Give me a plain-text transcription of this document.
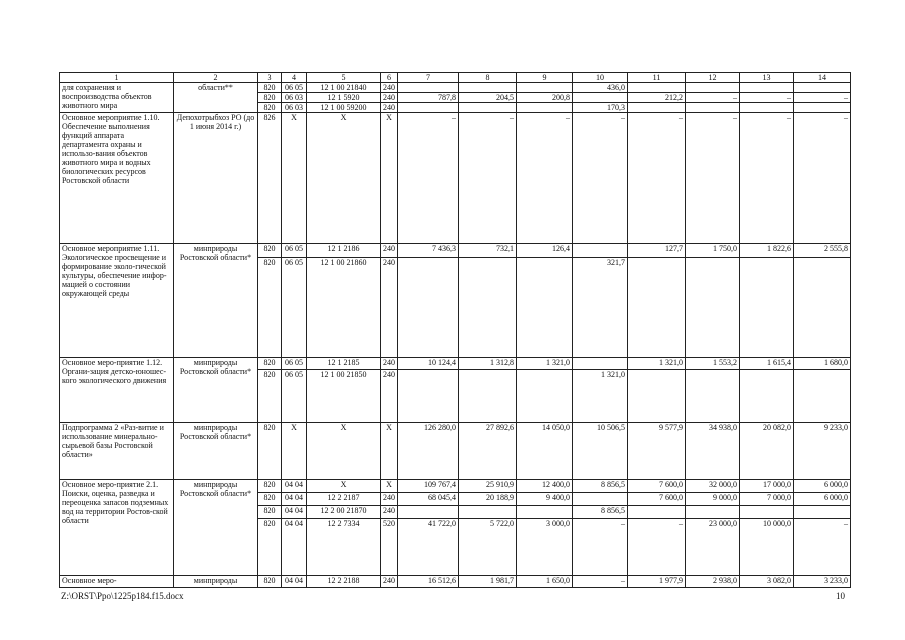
1	2	3	4	5	6	7	8	9	10	11	12	13	14
для сохранения и воспроизводства объектов животного мира	области**	820	06 05	12 1 00 21840	240				436,0				
		820	06 03	12 1 5920	240	787,8	204,5	200,8		212,2	–	–	–
		820	06 03	12 1 00 59200	240				170,3				
Основное мероприятие 1.10. Обеспечение выполнения функций аппарата департамента охраны и использо-вания объектов животного мира и водных биологических ресурсов Ростовской области	Депохотрыбхоз РО (до 1 июня 2014 г.)	826	Х	Х	Х	–	–	–	–	–	–	–	–
Основное мероприятие 1.11. Экологическое просвещение и формирование эколо-гической культуры, обеспечение инфор-мацией о состоянии окружающей среды	минприроды Ростовской области*	820	06 05	12 1 2186	240	7 436,3	732,1	126,4		127,7	1 750,0	1 822,6	2 555,8
		820	06 05	12 1 00 21860	240				321,7				
Основное меро-приятие 1.12. Органи-зация детско-юношес-кого экологического движения	минприроды Ростовской области*	820	06 05	12 1 2185	240	10 124,4	1 312,8	1 321,0		1 321,0	1 553,2	1 615,4	1 680,0
		820	06 05	12 1 00 21850	240				1 321,0				
Подпрограмма 2 «Раз-витие и использование минерально-сырьевой базы Ростовской области»	минприроды Ростовской области*	820	Х	Х	Х	126 280,0	27 892,6	14 050,0	10 506,5	9 577,9	34 938,0	20 082,0	9 233,0
Основное меро-приятие 2.1. Поиски, оценка, разведка и переоценка запасов подземных вод на территории Ростов-ской области	минприроды Ростовской области*	820	04 04	Х	Х	109 767,4	25 910,9	12 400,0	8 856,5	7 600,0	32 000,0	17 000,0	6 000,0
		820	04 04	12 2 2187	240	68 045,4	20 188,9	9 400,0		7 600,0	9 000,0	7 000,0	6 000,0
		820	04 04	12 2 00 21870	240				8 856,5				
		820	04 04	12 2 7334	520	41 722,0	5 722,0	3 000,0	–	–	23 000,0	10 000,0	–
Основное меро-	минприроды	820	04 04	12 2 2188	240	16 512,6	1 981,7	1 650,0	–	1 977,9	2 938,0	3 082,0	3 233,0
Z:\ORST\Ppo\1225p184.f15.docx	10
